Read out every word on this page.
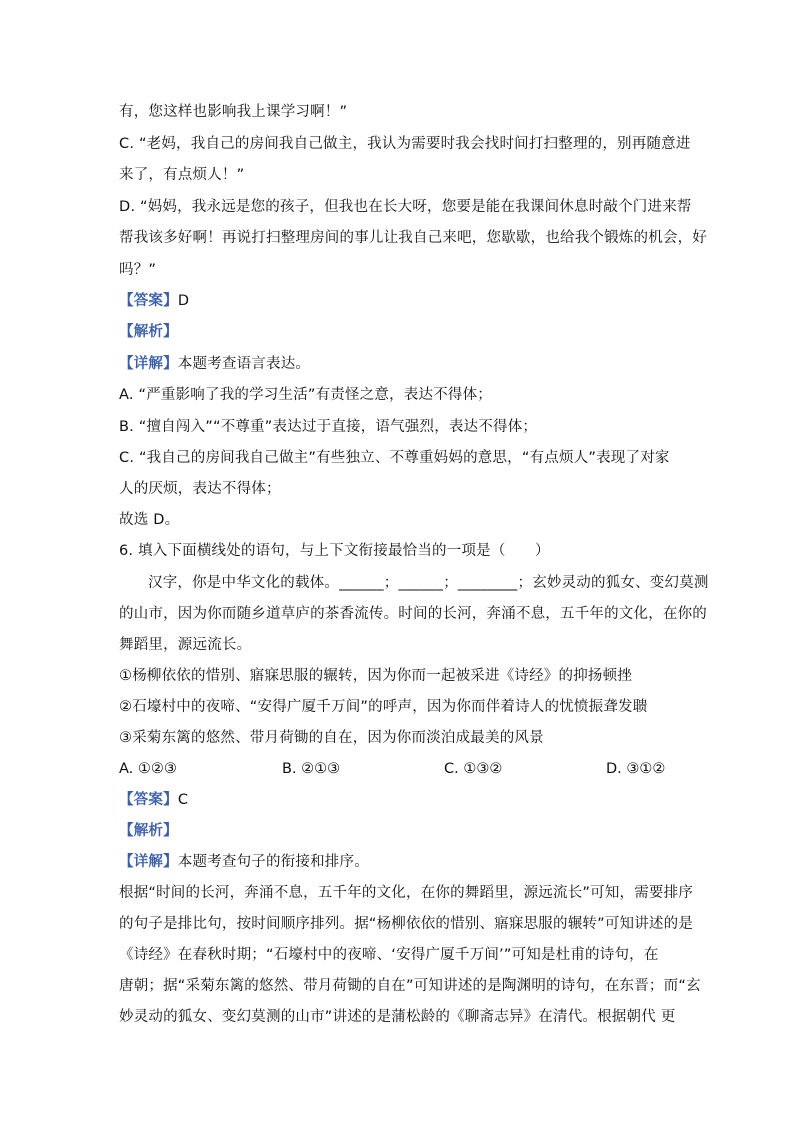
有，您这样也影响我上课学习啊！”
C. “老妈，我自己的房间我自己做主，我认为需要时我会找时间打扫整理的，别再随意进
来了，有点烦人！”
D. “妈妈，我永远是您的孩子，但我也在长大呀，您要是能在我课间休息时敲个门进来帮
帮我该多好啊！再说打扫整理房间的事儿让我自己来吧，您歇歇，也给我个锻炼的机会，好
吗？”
【答案】D
【解析】
【详解】本题考查语言表达。
A. “严重影响了我的学习生活”有责怪之意，表达不得体；
B. “擅自闯入”“不尊重”表达过于直接，语气强烈，表达不得体；
C. “我自己的房间我自己做主”有些独立、不尊重妈妈的意思，“有点烦人”表现了对家
人的厌烦，表达不得体；
故选 D。
6. 填入下面横线处的语句，与上下文衔接最恰当的一项是（　　）
汉字，你是中华文化的载体。______；______；________；玄妙灵动的狐女、变幻莫测
的山市，因为你而随乡道草庐的茶香流传。时间的长河，奔涌不息，五千年的文化，在你的
舞蹈里，源远流长。
①杨柳依依的惜别、寤寐思服的辗转，因为你而一起被采进《诗经》的抑扬顿挫
②石壕村中的夜啼、“安得广厦千万间”的呼声，因为你而伴着诗人的忧愤振聋发聩
③采菊东篱的悠然、带月荷锄的自在，因为你而淡泊成最美的风景
A. ①②③	B. ②①③	C. ①③②	D. ③①②
【答案】C
【解析】
【详解】本题考查句子的衔接和排序。
根据“时间的长河，奔涌不息，五千年的文化，在你的舞蹈里，源远流长”可知，需要排序
的句子是排比句，按时间顺序排列。据“杨柳依依的惜别、寤寐思服的辗转”可知讲述的是
《诗经》在春秋时期；“石壕村中的夜啼、‘安得广厦千万间’”可知是杜甫的诗句，在
唐朝；据“采菊东篱的悠然、带月荷锄的自在”可知讲述的是陶渊明的诗句，在东晋；而“玄
妙灵动的狐女、变幻莫测的山市”讲述的是蒲松龄的《聊斋志异》在清代。根据朝代 更
